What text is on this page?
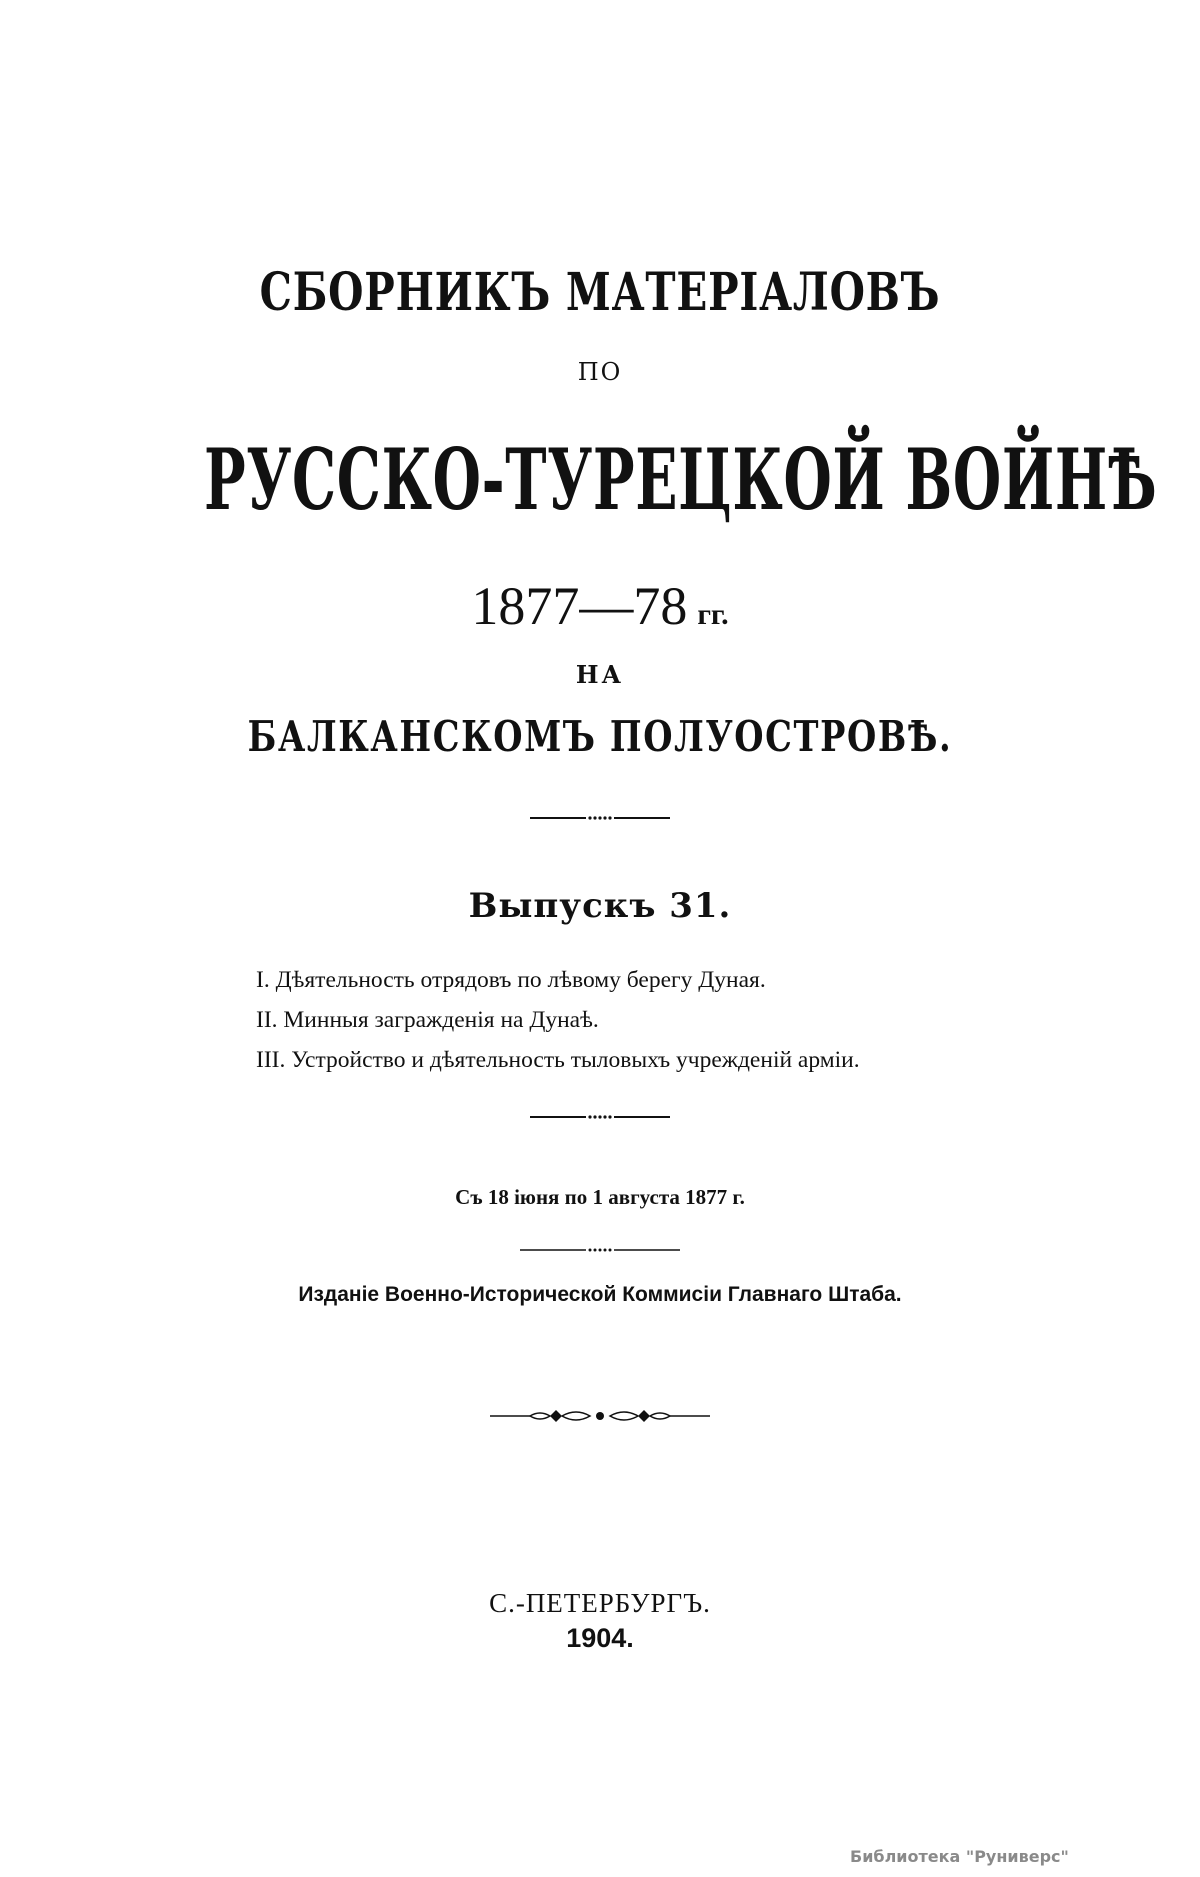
СБОРНИКЪ МАТЕРІАЛОВЪ
ПО
РУССКО-ТУРЕЦКОЙ ВОЙНѢ
1877—78 гг.
НА
БАЛКАНСКОМЪ ПОЛУОСТРОВѢ.
Выпускъ 31.
I. Дѣятельность отрядовъ по лѣвому берегу Дуная.
II. Минныя загражденія на Дунаѣ.
III. Устройство и дѣятельность тыловыхъ учрежденій арміи.
Съ 18 іюня по 1 августа 1877 г.
Изданіе Военно-Исторической Коммисіи Главнаго Штаба.
С.-ПЕТЕРБУРГЪ.
1904.
Библиотека "Руниверс"
